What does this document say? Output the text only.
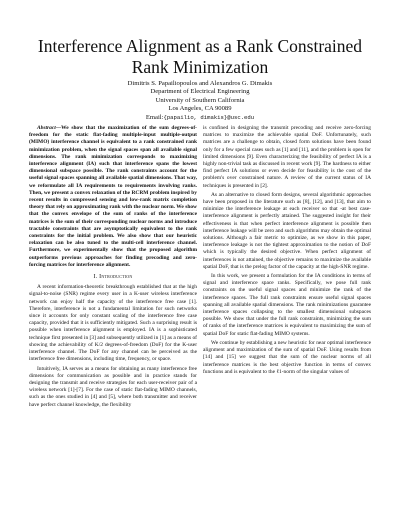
Interference Alignment as a Rank Constrained Rank Minimization
Dimitris S. Papailiopoulos and Alexandros G. Dimakis
Department of Electrical Engineering
University of Southern California
Los Angeles, CA 90089
Email:{papailio, dimakis}@usc.edu

Abstract—We show that the maximization of the sum degrees-of-freedom for the static flat-fading multiple-input multiple-output (MIMO) interference channel is equivalent to a rank constrained rank minimization problem, when the signal spaces span all available signal dimensions. The rank minimization corresponds to maximizing interference alignment (IA) such that interference spans the lowest dimensional subspace possible. The rank constraints account for the useful signal spaces spanning all available spatial dimensions. That way, we reformulate all IA requirements to requirements involving ranks. Then, we present a convex relaxation of the RCRM problem inspired by recent results in compressed sensing and low-rank matrix completion theory that rely on approximating rank with the nuclear norm. We show that the convex envelope of the sum of ranks of the interference matrices is the sum of their corresponding nuclear norms and introduce tractable constraints that are asymptotically equivalent to the rank constraints for the initial problem. We also show that our heuristic relaxation can be also tuned to the multi-cell interference channel. Furthermore, we experimentally show that the proposed algorithm outperforms previous approaches for finding precoding and zero-forcing matrices for interference alignment.

I. Introduction

A recent information-theoretic breakthrough established that at the high signal-to-noise (SNR) regime every user in a K-user wireless interference network can enjoy half the capacity of the interference free case [1]. Therefore, interference is not a fundamental limitation for such networks since it accounts for only constant scaling of the interference free case capacity, provided that it is sufficiently mitigated. Such a surprising result is possible when interference alignment is employed. IA is a sophisticated technique first presented in [3] and subsequently utilized in [1] as a means of showing the achievability of K/2 degrees-of-freedom (DoF) for the K-user interference channel. The DoF for any channel can be perceived as the interference free dimensions, including time, frequency, or space.

Intuitively, IA serves as a means for obtaining as many interference free dimensions for communication as possible and in practice stands for designing the transmit and receive strategies for each user-receiver pair of a wireless network [1]-[7]. For the case of static flat-fading MIMO channels, such as the ones studied in [4] and [5], where both transmitter and receiver have perfect channel knowledge, the flexibility

is confined in designing the transmit precoding and receive zero-forcing matrices to maximize the achievable spatial DoF. Unfortunately, such matrices are a challenge to obtain, closed form solutions have been found only for a few special cases such as [1] and [11], and the problem is open for limited dimensions [9]. Even characterizing the feasibility of perfect IA is a highly non-trivial task as discussed in recent work [9]. The hardness to either find perfect IA solutions or even decide for feasibility is the cost of the problem's over constrained nature. A review of the current status of IA techniques is presented in [2].

As an alternative to closed form designs, several algorithmic approaches have been proposed in the literature such as [8], [12], and [13], that aim to minimize the interference leakage at each receiver so that -at best case- interference alignment is perfectly attained. The suggested insight for their effectiveness is that when perfect interference alignment is possible then interference leakage will be zero and such algorithms may obtain the optimal solutions. Although a fair metric to optimize, as we show in this paper, interference leakage is not the tightest approximation to the notion of DoF which is typically the desired objective. When perfect alignment of interferences is not attained, the objective remains to maximize the available spatial DoF, that is the prelog factor of the capacity at the high-SNR regime.

In this work, we present a formulation for the IA conditions in terms of signal and interference space ranks. Specifically, we pose full rank constraints on the useful signal spaces and minimize the rank of the interference spaces. The full rank constraints ensure useful signal spaces spanning all available spatial dimensions. The rank minimizations guarantee interference spaces collapsing to the smallest dimensional subspaces possible. We show that under the full rank constraints, minimizing the sum of ranks of the interference matrices is equivalent to maximizing the sum of spatial DoF for static flat-fading MIMO systems.

We continue by establishing a new heuristic for near optimal interference alignment and maximization of the sum of spatial DoF. Using results from [14] and [15] we suggest that the sum of the nuclear norms of all interference matrices is the best objective function in terms of convex functions and is equivalent to the ℓ1-norm of the singular values of
